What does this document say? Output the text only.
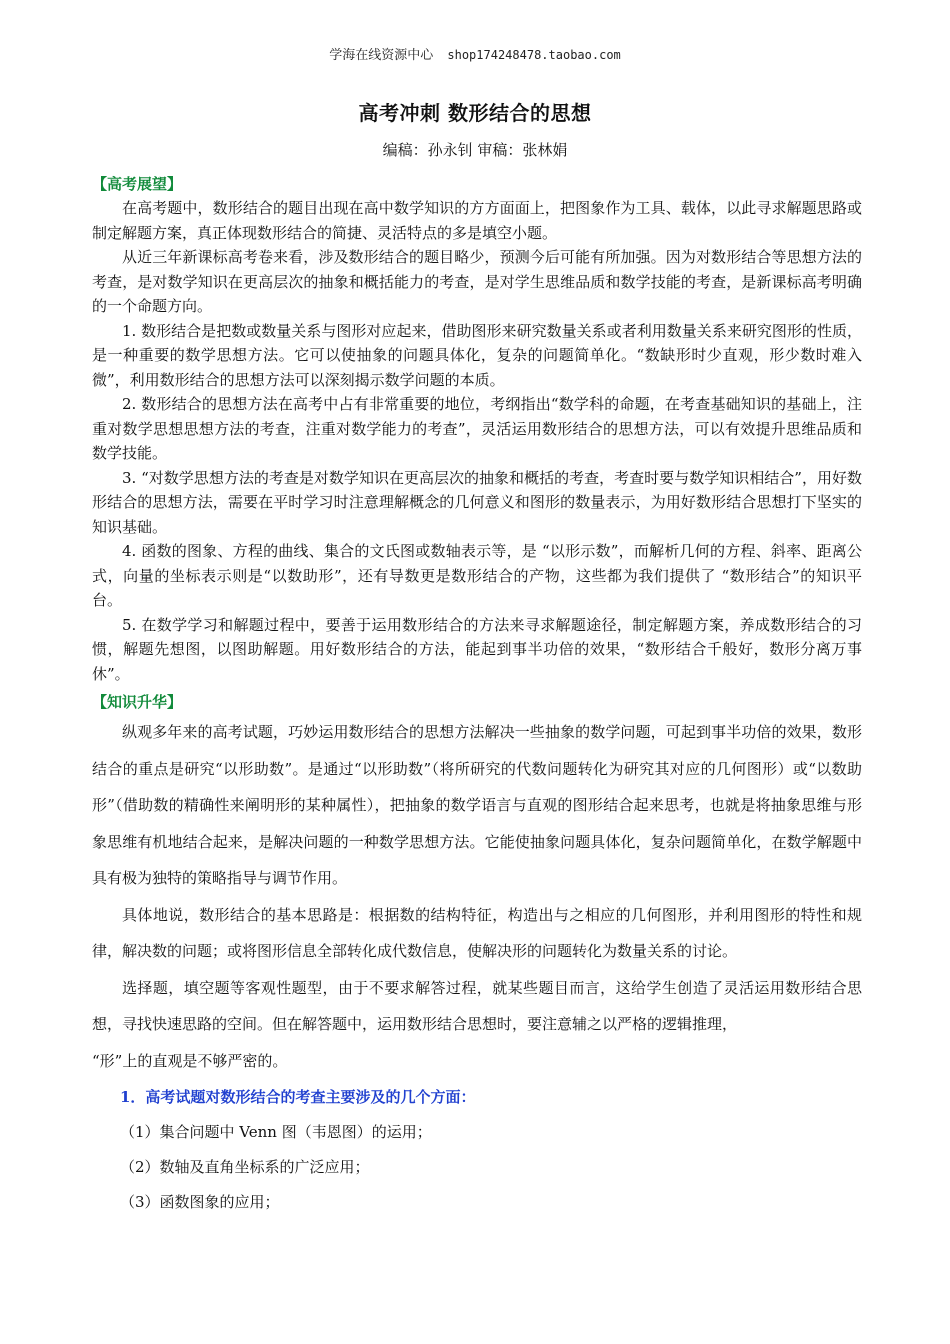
学海在线资源中心 shop174248478.taobao.com
高考冲刺 数形结合的思想
编稿：孙永钊 审稿：张林娟
【高考展望】

在高考题中，数形结合的题目出现在高中数学知识的方方面面上，把图象作为工具、载体，以此寻求解题思路或制定解题方案，真正体现数形结合的简捷、灵活特点的多是填空小题。

从近三年新课标高考卷来看，涉及数形结合的题目略少，预测今后可能有所加强。因为对数形结合等思想方法的考查，是对数学知识在更高层次的抽象和概括能力的考查，是对学生思维品质和数学技能的考查，是新课标高考明确的一个命题方向。

1. 数形结合是把数或数量关系与图形对应起来，借助图形来研究数量关系或者利用数量关系来研究图形的性质，是一种重要的数学思想方法。它可以使抽象的问题具体化，复杂的问题简单化。“数缺形时少直观，形少数时难入微”，利用数形结合的思想方法可以深刻揭示数学问题的本质。

2. 数形结合的思想方法在高考中占有非常重要的地位，考纲指出“数学科的命题，在考查基础知识的基础上，注重对数学思想思想方法的考查，注重对数学能力的考查”，灵活运用数形结合的思想方法，可以有效提升思维品质和数学技能。

3. “对数学思想方法的考查是对数学知识在更高层次的抽象和概括的考查，考查时要与数学知识相结合”，用好数形结合的思想方法，需要在平时学习时注意理解概念的几何意义和图形的数量表示，为用好数形结合思想打下坚实的知识基础。

4. 函数的图象、方程的曲线、集合的文氏图或数轴表示等，是 “以形示数”，而解析几何的方程、斜率、距离公式，向量的坐标表示则是“以数助形”，还有导数更是数形结合的产物，这些都为我们提供了 “数形结合”的知识平台。

5. 在数学学习和解题过程中，要善于运用数形结合的方法来寻求解题途径，制定解题方案，养成数形结合的习惯，解题先想图，以图助解题。用好数形结合的方法，能起到事半功倍的效果，“数形结合千般好，数形分离万事休”。

【知识升华】

纵观多年来的高考试题，巧妙运用数形结合的思想方法解决一些抽象的数学问题，可起到事半功倍的效果，数形结合的重点是研究“以形助数”。是通过“以形助数”（将所研究的代数问题转化为研究其对应的几何图形）或“以数助形”（借助数的精确性来阐明形的某种属性），把抽象的数学语言与直观的图形结合起来思考，也就是将抽象思维与形象思维有机地结合起来，是解决问题的一种数学思想方法。它能使抽象问题具体化，复杂问题简单化，在数学解题中具有极为独特的策略指导与调节作用。

具体地说，数形结合的基本思路是：根据数的结构特征，构造出与之相应的几何图形，并利用图形的特性和规律，解决数的问题；或将图形信息全部转化成代数信息，使解决形的问题转化为数量关系的讨论。

选择题，填空题等客观性题型，由于不要求解答过程，就某些题目而言，这给学生创造了灵活运用数形结合思想，寻找快速思路的空间。但在解答题中，运用数形结合思想时，要注意辅之以严格的逻辑推理，

“形”上的直观是不够严密的。

1．高考试题对数形结合的考查主要涉及的几个方面：
（1）集合问题中 Venn 图（韦恩图）的运用；
（2）数轴及直角坐标系的广泛应用；
（3）函数图象的应用；
